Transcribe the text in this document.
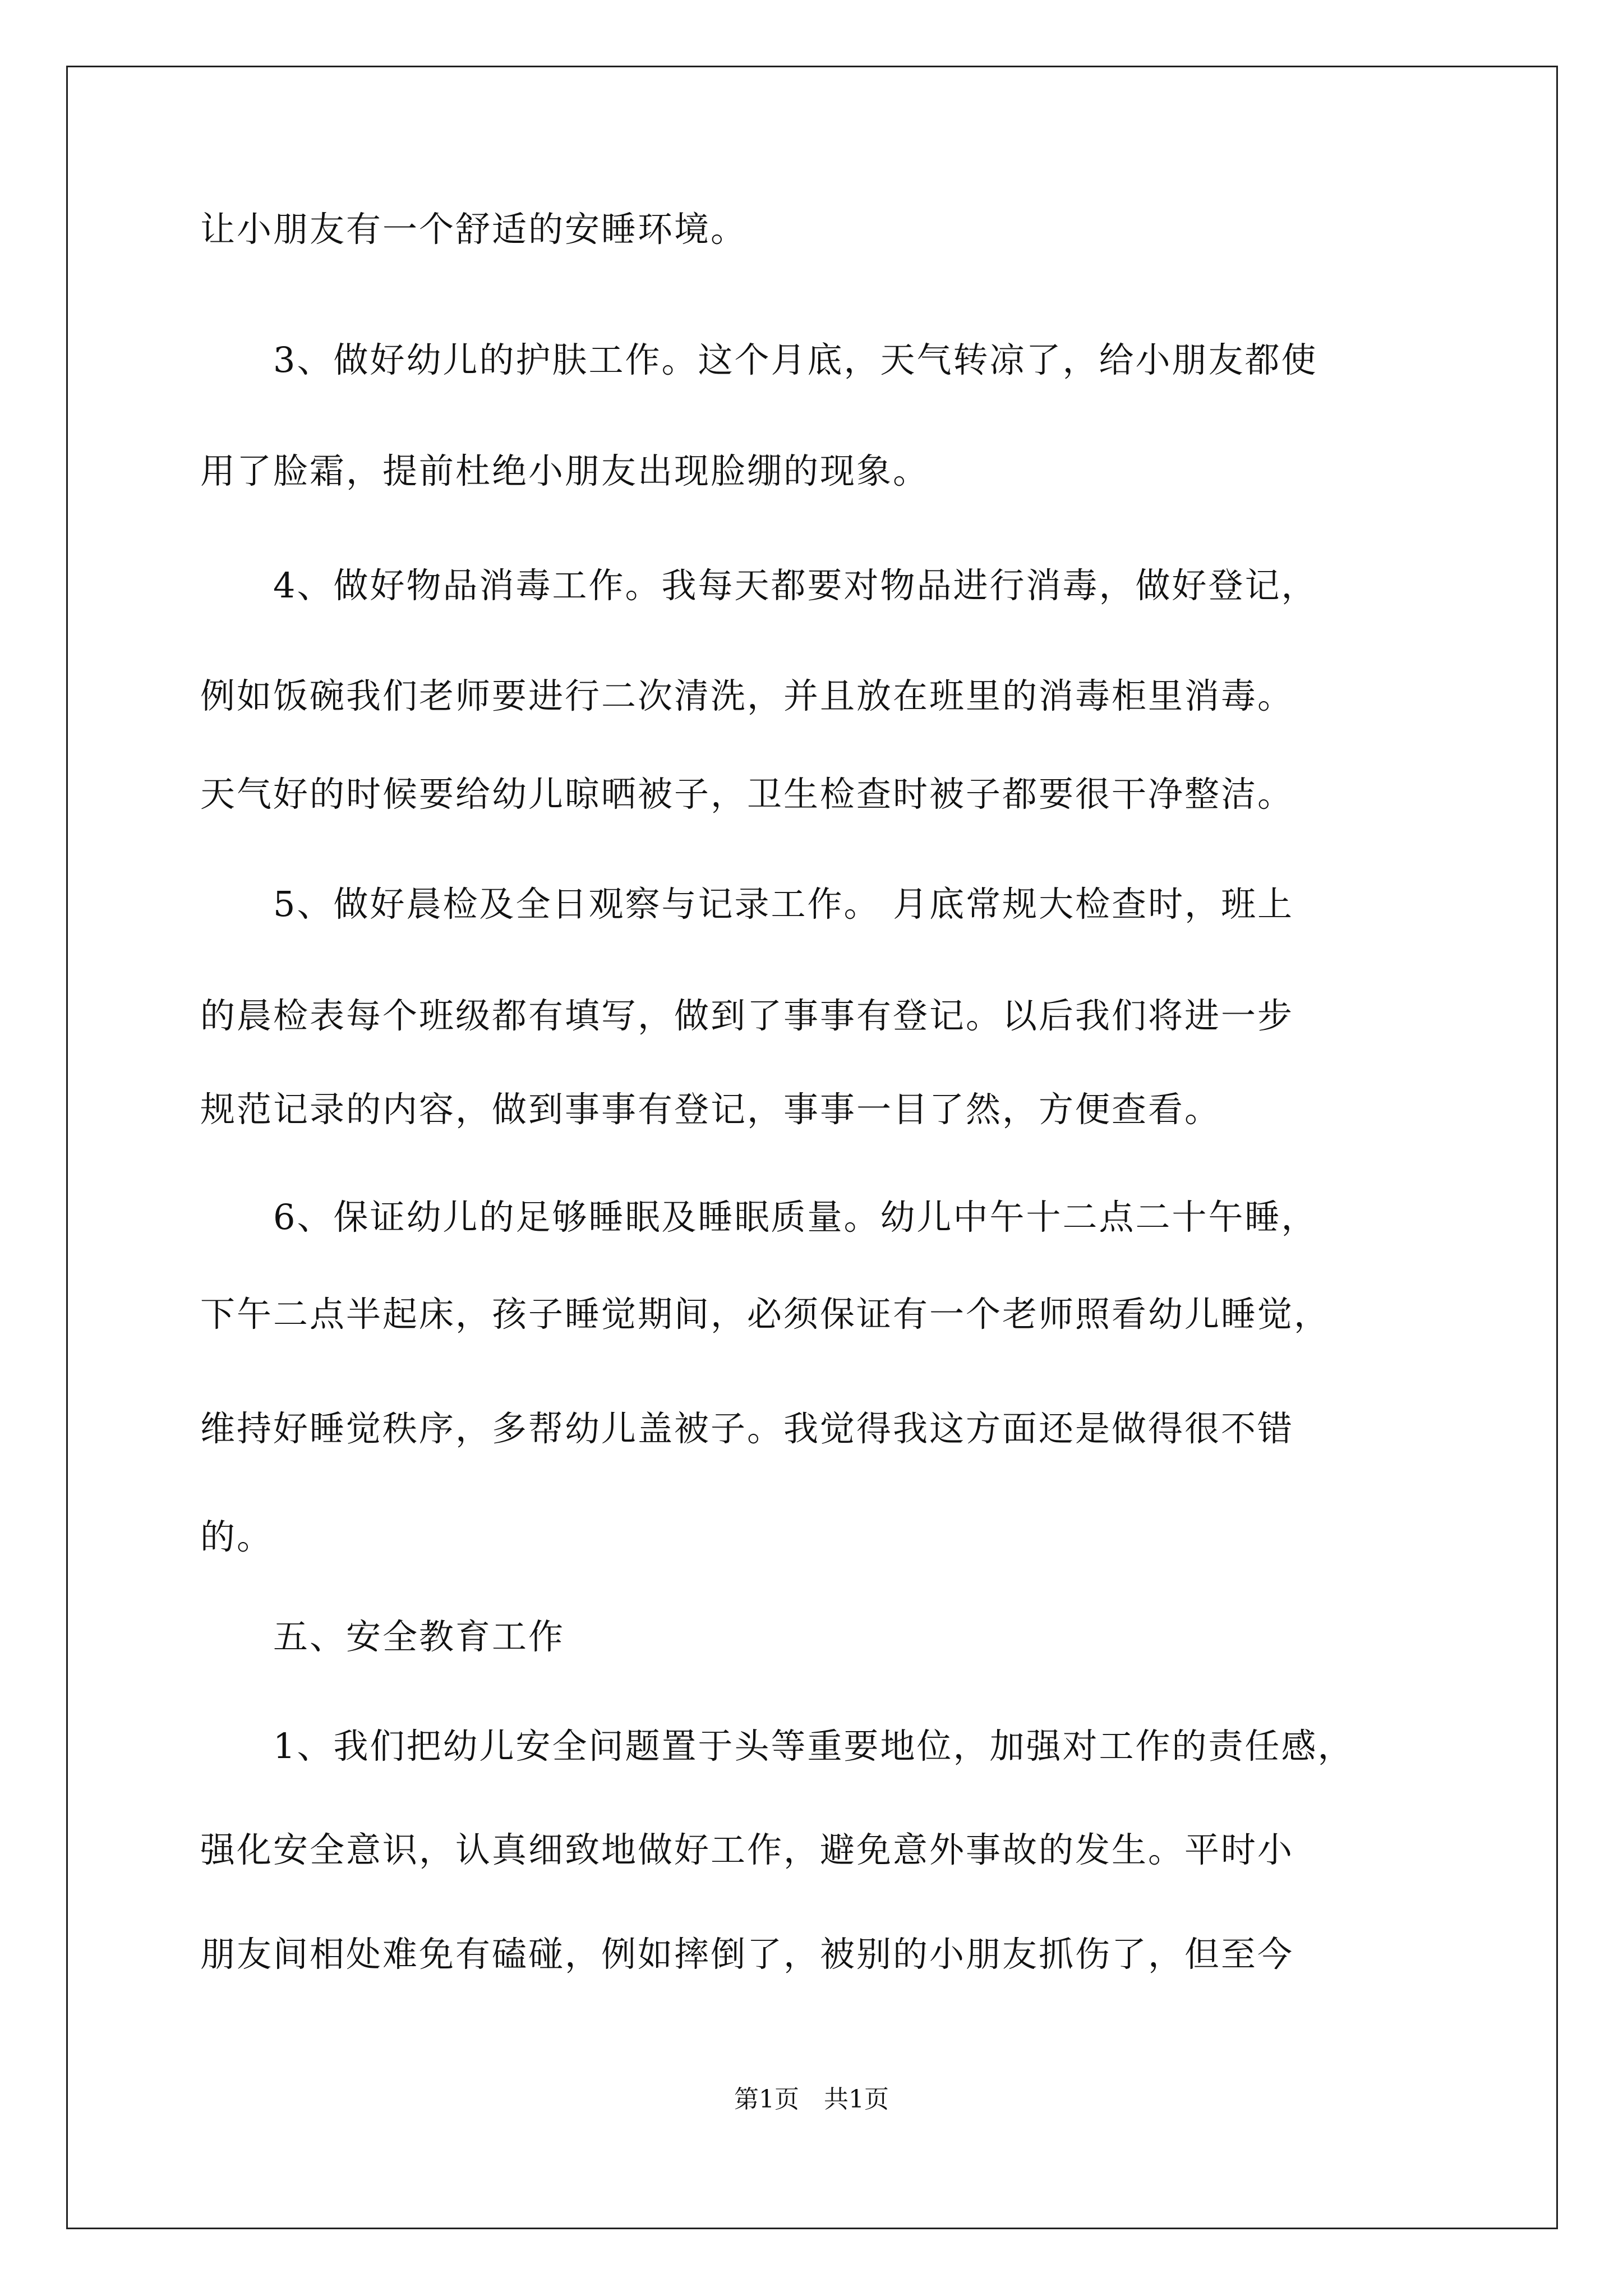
让小朋友有一个舒适的安睡环境。
　　3、做好幼儿的护肤工作。这个月底，天气转凉了，给小朋友都使
用了脸霜，提前杜绝小朋友出现脸绷的现象。
　　4、做好物品消毒工作。我每天都要对物品进行消毒，做好登记，
例如饭碗我们老师要进行二次清洗，并且放在班里的消毒柜里消毒。
天气好的时候要给幼儿晾晒被子，卫生检查时被子都要很干净整洁。
　　5、做好晨检及全日观察与记录工作。 月底常规大检查时，班上
的晨检表每个班级都有填写，做到了事事有登记。以后我们将进一步
规范记录的内容，做到事事有登记，事事一目了然，方便查看。
　　6、保证幼儿的足够睡眠及睡眠质量。幼儿中午十二点二十午睡，
下午二点半起床，孩子睡觉期间，必须保证有一个老师照看幼儿睡觉，
维持好睡觉秩序，多帮幼儿盖被子。我觉得我这方面还是做得很不错
的。
　　五、安全教育工作
　　1、我们把幼儿安全问题置于头等重要地位，加强对工作的责任感，
强化安全意识，认真细致地做好工作，避免意外事故的发生。平时小
朋友间相处难免有磕碰，例如摔倒了，被别的小朋友抓伤了，但至今
第1页　共1页
